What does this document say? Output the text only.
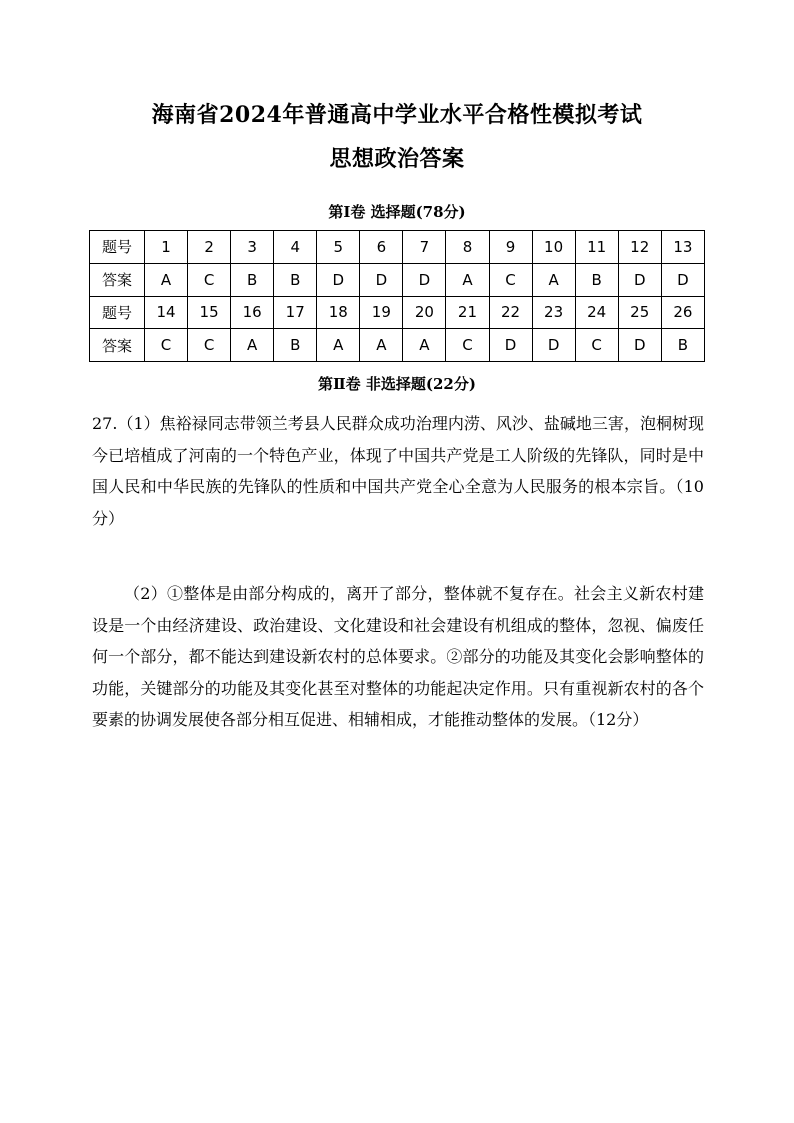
海南省2024年普通高中学业水平合格性模拟考试
思想政治答案
第Ⅰ卷 选择题(78分)
题号	1	2	3	4	5	6	7	8	9	10	11	12	13
答案	A	C	B	B	D	D	D	A	C	A	B	D	D
题号	14	15	16	17	18	19	20	21	22	23	24	25	26
答案	C	C	A	B	A	A	A	C	D	D	C	D	B
第Ⅱ卷 非选择题(22分)
27.（1）焦裕禄同志带领兰考县人民群众成功治理内涝、风沙、盐碱地三害，泡桐树现今已培植成了河南的一个特色产业，体现了中国共产党是工人阶级的先锋队，同时是中国人民和中华民族的先锋队的性质和中国共产党全心全意为人民服务的根本宗旨。（10分）
（2）①整体是由部分构成的，离开了部分，整体就不复存在。社会主义新农村建设是一个由经济建设、政治建设、文化建设和社会建设有机组成的整体，忽视、偏废任何一个部分，都不能达到建设新农村的总体要求。②部分的功能及其变化会影响整体的功能，关键部分的功能及其变化甚至对整体的功能起决定作用。只有重视新农村的各个要素的协调发展使各部分相互促进、相辅相成，才能推动整体的发展。（12分）
